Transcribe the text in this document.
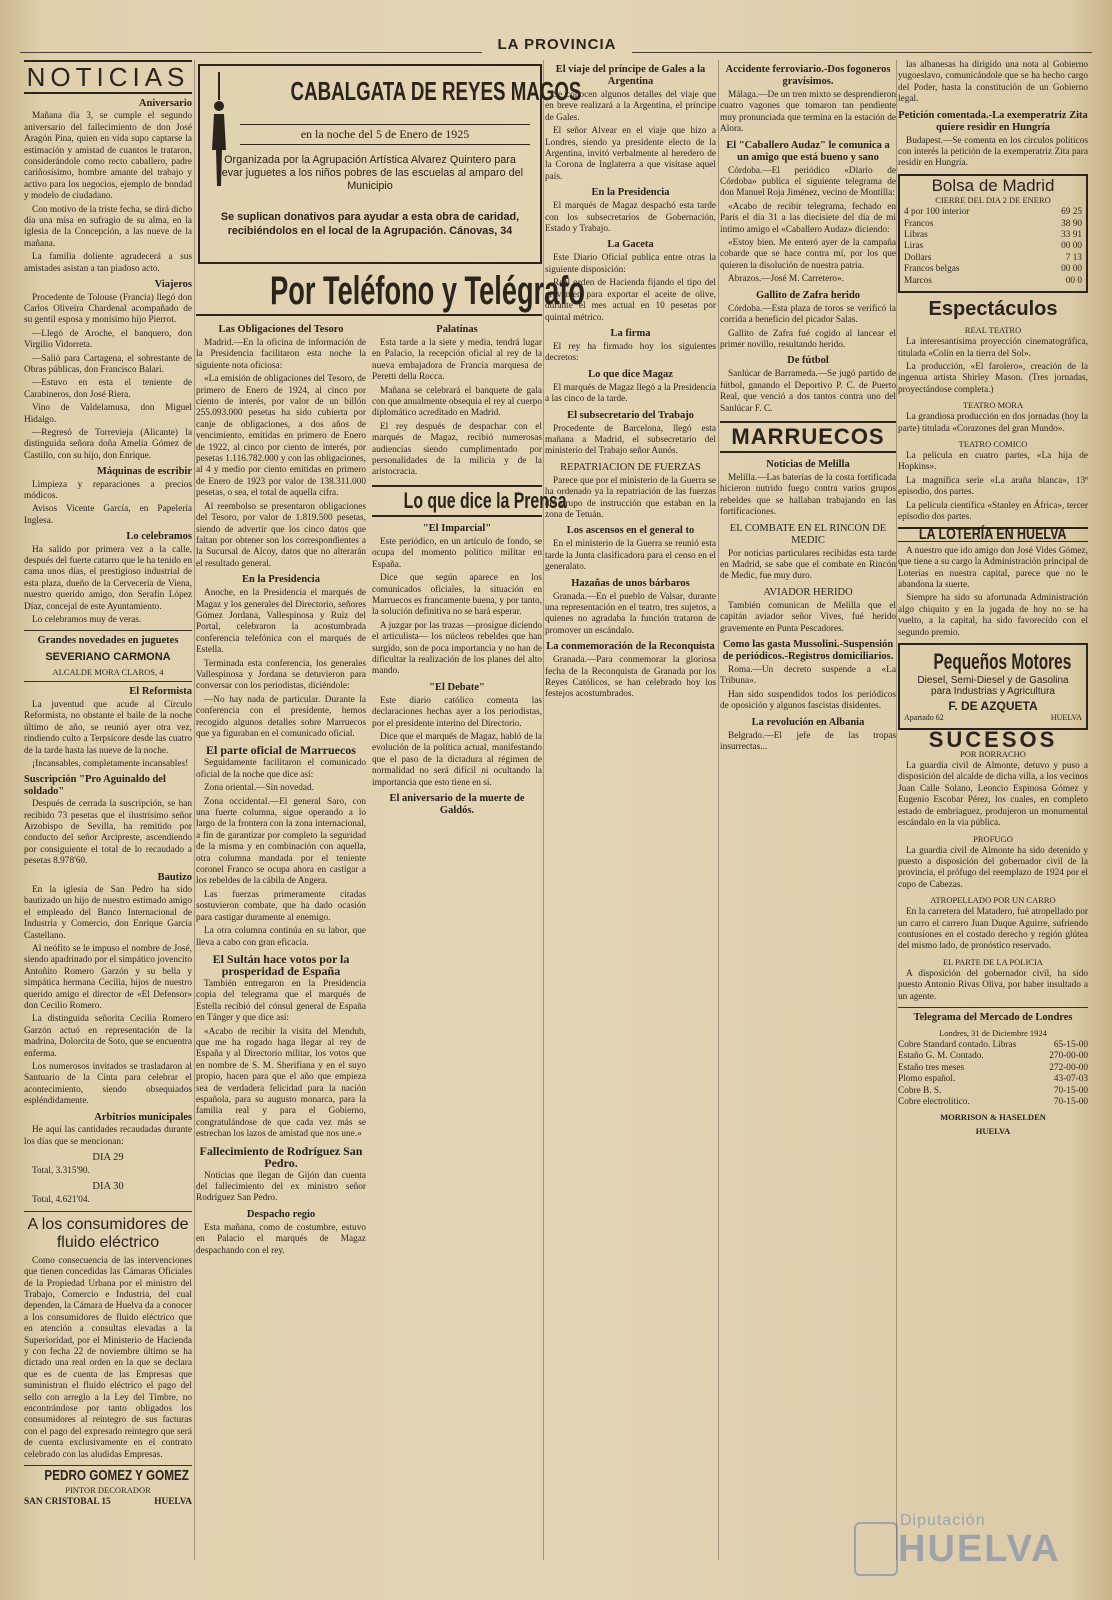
LA PROVINCIA
NOTICIAS
Aniversario

Mañana día 3, se cumple el segundo aniversario del fallecimiento de don José Aragón Pina, quien en vida supo captarse la estimación y amistad de cuantos le trataron, considerándole como recto caballero, padre cariñosísimo, hombre amante del trabajo y activo para los negocios, ejemplo de bondad y modelo de ciudadano.

Con motivo de la triste fecha, se dirá dicho día una misa en sufragio de su alma, en la iglesia de la Concepción, a las nueve de la mañana.

La familia doliente agradecerá a sus amistades asistan a tan piadoso acto.

Viajeros

Procedente de Tolouse (Francia) llegó don Carlos Oliveira Chardenal acompañado de su gentil esposa y monísimo hijo Pierrot.

—Llegó de Aroche, el banquero, don Virgilio Vidorreta.

—Salió para Cartagena, el sobrestante de Obras públicas, don Francisco Balari.

—Estuvo en esta el teniente de Carabineros, don José Riera.

Vino de Valdelamusa, don Miguel Hidalgo.

—Regresó de Torrevieja (Alicante) la distinguida señora doña Amelia Gómez de Castillo, con su hijo, don Enrique.

Máquinas de escribir

Limpieza y reparaciones a precios módicos.

Avisos Vicente García, en Papelería Inglesa.

Lo celebramos

Ha salido por primera vez a la calle, después del fuerte catarro que le ha tenido en cama unos días, el prestigioso industrial de esta plaza, dueño de la Cervecería de Viena, nuestro querido amigo, don Serafín López Díaz, concejal de este Ayuntamiento.

Lo celebramos muy de veras.

Grandes novedades en juguetes
SEVERIANO CARMONA
ALCALDE MORA CLAROS, 4
El Reformista

La juventud que acude al Círculo Reformista, no obstante el baile de la noche último de año, se reunió ayer otra vez, rindiendo culto a Terpsícore desde las cuatro de la tarde hasta las nueve de la noche.

¡Incansables, completamente incansables!

Suscripción "Pro Aguinaldo del soldado"

Después de cerrada la suscripción, se han recibido 73 pesetas que el ilustrísimo señor Arzobispo de Sevilla, ha remitido por conducto del señor Arcipreste, ascendiendo por consiguiente el total de lo recaudado a pesetas 8.978'60.

Bautizo

En la iglesia de San Pedro ha sido bautizado un hijo de nuestro estimado amigo el empleado del Banco Internacional de Industria y Comercio, don Enrique García Castellano.

Al neófito se le impuso el nombre de José, siendo apadrinado por el simpático jovencito Antoñito Romero Garzón y su bella y simpática hermana Cecilia, hijos de nuestro querido amigo el director de «El Defensor» don Cecilio Romero.

La distinguida señorita Cecilia Romero Garzón actuó en representación de la madrina, Dolorcita de Soto, que se encuentra enferma.

Los numerosos invitados se trasladaron al Santuario de la Cinta para celebrar el acontecimiento, siendo obsequiados espléndidamente.

Arbitrios municipales

He aquí las cantidades recaudadas durante los días que se mencionan:

DIA 29

Total, 3.315'90.

DIA 30

Total, 4.621'04.

A los consumidores de fluido eléctrico

Como consecuencia de las intervenciones que tienen concedidas las Cámaras Oficiales de la Propiedad Urbana por el ministro del Trabajo, Comercio e Industria, del cual dependen, la Cámara de Huelva da a conocer a los consumidores de fluido eléctrico que en atención a consultas elevadas a la Superioridad, por el Ministerio de Hacienda y con fecha 22 de noviembre último se ha dictado una real orden en la que se declara que es de cuenta de las Empresas que suministran el fluido eléctrico el pago del sello con arreglo a la Ley del Timbre, no encontrándose por tanto obligados los consumidores al reintegro de sus facturas con el pago del expresado reintegro que será de cuenta exclusivamente en el contrato celebrado con las aludidas Empresas.

PEDRO GOMEZ Y GOMEZ
PINTOR DECORADOR
SAN CRISTOBAL 15	HUELVA
CABALGATA DE REYES MAGOS
en la noche del 5 de Enero de 1925
Organizada por la Agrupación Artística Alvarez Quintero para llevar juguetes a los niños pobres de las escuelas al amparo del Municipio
Se suplican donativos para ayudar a esta obra de caridad, recibiéndolos en el local de la Agrupación. Cánovas, 34
Por Teléfono y Telégrafo
Las Obligaciones del Tesoro

Madrid.—En la oficina de información de la Presidencia facilitaron esta noche la siguiente nota oficiosa:

«La emisión de obligaciones del Tesoro, de primero de Enero de 1924, al cinco por ciento de interés, por valor de un billón 255.093.000 pesetas ha sido cubierta por canje de obligaciones, a dos años de vencimiento, emitidas en primero de Enero de 1922, al cinco por ciento de interés, por pesetas 1.116.782.000 y con las obligaciones, al 4 y medio por ciento emitidas en primero de Enero de 1923 por valor de 138.311.000 pesetas, o sea, el total de aquella cifra.

Al reembolso se presentaron obligaciones del Tesoro, por valor de 1.819.500 pesetas, siendo de advertir que los cinco datos que faltan por obtener son los correspondientes a la Sucursal de Alcoy, datos que no alterarán el resultado general.

En la Presidencia

Anoche, en la Presidencia el marqués de Magaz y los generales del Directorio, señores Gómez Jordana, Vallespinosa y Ruiz del Portal, celebraron la acostumbrada conferencia telefónica con el marqués de Estella.

Terminada esta conferencia, los generales Vallespinosa y Jordana se detuvieron para conversar con los periodistas, diciéndole:

—No hay nada de particular. Durante la conferencia con el presidente, hemos recogido algunos detalles sobre Marruecos que ya figuraban en el comunicado oficial.

El parte oficial de Marruecos

Seguidamente facilitaron el comunicado oficial de la noche que dice así:

Zona oriental.—Sin novedad.

Zona occidental.—El general Saro, con una fuerte columna, sigue operando a lo largo de la frontera con la zona internacional, a fin de garantizar por completo la seguridad de la misma y en combinación con aquella, otra columna mandada por el teniente coronel Franco se ocupa ahora en castigar a los rebeldes de la cábila de Angera.

Las fuerzas primeramente citadas sostuvieron combate, que ha dado ocasión para castigar duramente al enemigo.

La otra columna continúa en su labor, que lleva a cabo con gran eficacia.

El Sultán hace votos por la prosperidad de España

También entregaron en la Presidencia copia del telegrama que el marqués de Estella recibió del cónsul general de España en Tánger y que dice así:

«Acabo de recibir la visita del Mendub, que me ha rogado haga llegar al rey de España y al Directorio militar, los votos que en nombre de S. M. Sherifiana y en el suyo propio, hacen para que el año que empieza sea de verdadera felicidad para la nación española, para su augusto monarca, para la familia real y para el Gobierno, congratulándose de que cada vez más se estrechan los lazos de amistad que nos une.»

Fallecimiento de Rodríguez San Pedro.

Noticias que llegan de Gijón dan cuenta del fallecimiento del ex ministro señor Rodríguez San Pedro.

Despacho regio

Esta mañana, como de costumbre, estuvo en Palacio el marqués de Magaz despachando con el rey.

Palatinas

Esta tarde a la siete y media, tendrá lugar en Palacio, la recepción oficial al rey de la nueva embajadora de Francia marquesa de Peretti della Rocca.

Mañana se celebrará el banquete de gala con que anualmente obsequia el rey al cuerpo diplomático acreditado en Madrid.

El rey después de despachar con el marqués de Magaz, recibió numerosas audiencias siendo cumplimentado por personalidades de la milicia y de la aristocracia.

Lo que dice la Prensa
"El Imparcial"

Este periódico, en un artículo de fondo, se ocupa del momento político militar en España.

Dice que según aparece en los comunicados oficiales, la situación en Marruecos es francamente buena, y por tanto, la solución definitiva no se hará esperar.

A juzgar por las trazas —prosigue diciendo el articulista— los núcleos rebeldes que han surgido, son de poca importancia y no han de dificultar la realización de los planes del alto mando.

"El Debate"

Este diario católico comenta las declaraciones hechas ayer a los periodistas, por el presidente interino del Directorio.

Dice que el marqués de Magaz, habló de la evolución de la política actual, manifestando que el paso de la dictadura al régimen de normalidad no será difícil ni ocultando la importancia que esto tiene en sí.

El aniversario de la muerte de Galdós.
El viaje del príncipe de Gales a la Argentina

Se conocen algunos detalles del viaje que en breve realizará a la Argentina, el príncipe de Gales.

El señor Alvear en el viaje que hizo a Londres, siendo ya presidente electo de la Argentina, invitó verbalmente al heredero de la Corona de Inglaterra a que visitase aquel país.

En la Presidencia

El marqués de Magaz despachó esta tarde con los subsecretarios de Gobernación, Estado y Trabajo.

La Gaceta

Este Diario Oficial publica entre otras la siguiente disposición:

Real orden de Hacienda fijando el tipo del gravamen para exportar el aceite de olive, durante el mes actual en 10 pesetas por quintal métrico.

La firma

El rey ha firmado hoy los siguientes decretos:

Lo que dice Magaz

El marqués de Magaz llegó a la Presidencia a las cinco de la tarde.

El subsecretario del Trabajo

Procedente de Barcelona, llegó esta mañana a Madrid, el subsecretario del ministerio del Trabajo señor Aunós.

REPATRIACION DE FUERZAS

Parece que por el ministerio de la Guerra se ha ordenado ya la repatriación de las fuerzas del grupo de instrucción que estaban en la zona de Tetuán.

Los ascensos en el general to

En el ministerio de la Guerra se reunió esta tarde la Junta clasificadora para el censo en el generalato.

Hazañas de unos bárbaros

Granada.—En el pueblo de Valsar, durante una representación en el teatro, tres sujetos, a quienes no agradaba la función trataron de promover un escándalo.

La conmemoración de la Reconquista

Granada.—Para conmemorar la gloriosa fecha de la Reconquista de Granada por los Reyes Católicos, se han celebrado hoy los festejos acostumbrados.

Accidente ferroviario.-Dos fogoneros gravísimos.

Málaga.—De un tren mixto se desprendieron cuatro vagones que tomaron tan pendiente muy pronunciada que termina en la estación de Alora.

El "Caballero Audaz" le comunica a un amigo que está bueno y sano

Córdoba.—El periódico «Diario de Córdoba» publica el siguiente telegrama de don Manuel Roja Jiménez, vecino de Montilla:

«Acabo de recibir telegrama, fechado en París el día 31 a las diecisiete del día de mi íntimo amigo el «Caballero Audaz» diciendo:

«Estoy bien. Me enteró ayer de la campaña cobarde que se hace contra mí, por los que quieren la disolución de nuestra patria.

Abrazos.—José M. Carretero».

Gallito de Zafra herido

Córdoba.—Esta plaza de toros se verificó la corrida a beneficio del picador Salas.

Gallito de Zafra fué cogido al lancear el primer novillo, resultando herido.

De fútbol

Sanlúcar de Barrameda.—Se jugó partido de fútbol, ganando el Deportivo P. C. de Puerto Real, que venció a dos tantos contra uno del Sanlúcar F. C.

MARRUECOS
Noticias de Melilla

Melilla.—Las baterías de la costa fortificada hicieron nutrido fuego contra varios grupos rebeldes que se hallaban trabajando en las fortificaciones.

EL COMBATE EN EL RINCON DE MEDIC

Por noticias particulares recibidas esta tarde en Madrid, se sabe que el combate en Rincón de Medic, fue muy duro.

AVIADOR HERIDO

También comunican de Melilla que el capitán aviador señor Vives, fué herido gravemente en Punta Pescadores.

Como las gasta Mussolini.-Suspensión de periódicos.-Registros domiciliarios.

Roma.—Un decreto suspende a «La Tribuna».

Han sido suspendidos todos los periódicos de oposición y algunos fascistas disidentes.

La revolución en Albania

Belgrado.—El jefe de las tropas insurrectas...

las albanesas ha dirigido una nota al Gobierno yugoeslavo, comunicándole que se ha hecho cargo del Poder, hasta la constitución de un Gobierno legal.

Petición comentada.-La exemperatriz Zita quiere residir en Hungría

Budapest.—Se comenta en los círculos políticos con interés la petición de la exemperatriz Zita para residir en Hungría.

Bolsa de Madrid
CIERRE DEL DIA 2 DE ENERO
4 por 100 interior	69 25
Francos	38 90
Libras	33 91
Liras	00 00
Dollars	7 13
Francos belgas	00 00
Marcos	00 0
Espectáculos
REAL TEATRO

La interesantísima proyección cinematográfica, titulada «Colín en la tierra del Sol».

La producción, «El farolero», creación de la ingenua artista Shirley Mason. (Tres jornadas, proyectándose completa.)

TEATRO MORA

La grandiosa producción en dos jornadas (hoy la parte) titulada «Corazones del gran Mundo».

TEATRO COMICO

La película en cuatro partes, «La hija de Hopkins».

La magnífica serie «La araña blanca», 13º episodio, dos partes.

La película científica «Stanley en África», tercer episodio dos partes.

LA LOTERÍA EN HUELVA

A nuestro que ido amigo don José Vides Gómez, que tiene a su cargo la Administración principal de Loterías en nuestra capital, parece que no le abandona la suerte.

Siempre ha sido su afortunada Administración algo chiquito y en la jugada de hoy no se ha vuelto, a la capital, ha sido favorecido con el segundo premio.

Pequeños Motores
Diesel, Semi-Diesel y de Gasolina
para Industrias y Agricultura
F. DE AZQUETA
Apartado 62	HUELVA
SUCESOS
POR BORRACHO

La guardia civil de Almonte, detuvo y puso a disposición del alcalde de dicha villa, a los vecinos Juan Calle Solano, Leoncio Espinosa Gómez y Eugenio Escobar Pérez, los cuales, en completo estado de embriaguez, produjeron un monumental escándalo en la vía pública.

PROFUGO

La guardia civil de Almonte ha sido detenido y puesto a disposición del gobernador civil de la provincia, el prófugo del reemplazo de 1924 por el cupo de Cabezas.

ATROPELLADO POR UN CARRO

En la carretera del Matadero, fué atropellado por un carro el carrero Juan Duque Aguirre, sufriendo contusiones en el costado derecho y región glútea del mismo lado, de pronóstico reservado.

EL PARTE DE LA POLICIA

A disposición del gobernador civil, ha sido puesto Antonio Rivas Oliva, por haber insultado a un agente.

Telegrama del Mercado de Londres
Londres, 31 de Diciembre 1924
Cobre Standard contado. Libras	65-15-00
Estaño G. M. Contado.	270-00-00
Estaño tres meses	272-00-00
Plomo español.	43-07-03
Cobre B. S.	70-15-00
Cobre electrolítico.	70-15-00
MORRISON & HASELDEN
HUELVA
Diputación
HUELVA
